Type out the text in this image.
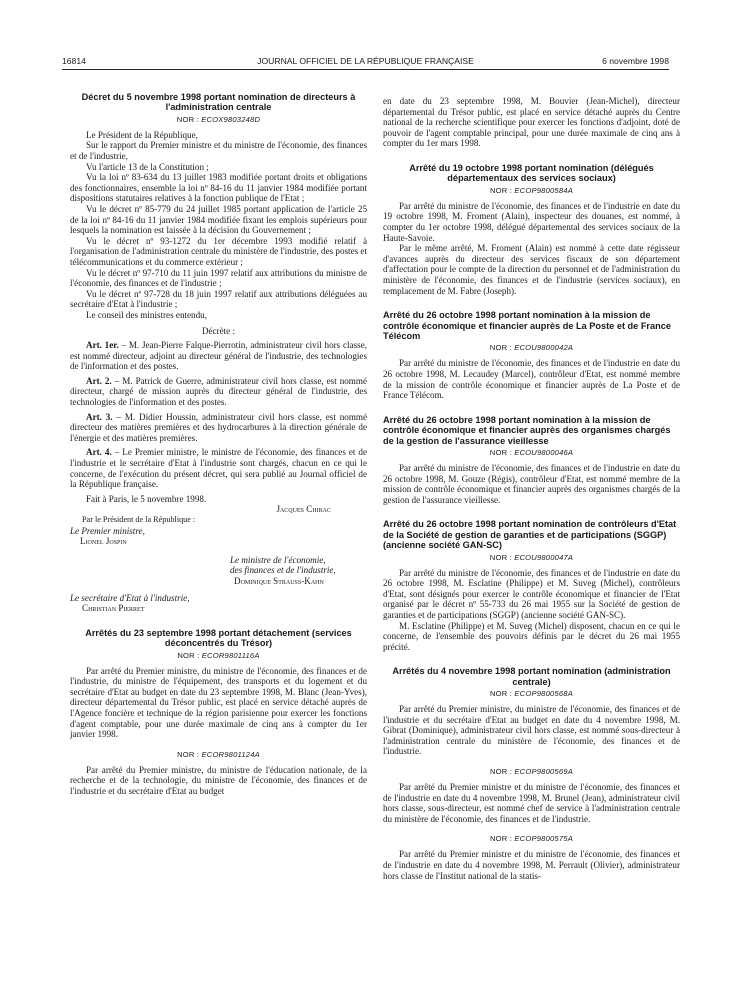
16814	JOURNAL OFFICIEL DE LA RÉPUBLIQUE FRANÇAISE	6 novembre 1998

Décret du 5 novembre 1998 portant nomination de directeurs à l'administration centrale

NOR : ECOX9803248D

Le Président de la République,

Sur le rapport du Premier ministre et du ministre de l'économie, des finances et de l'industrie,

Vu l'article 13 de la Constitution ;

Vu la loi nº 83-634 du 13 juillet 1983 modifiée portant droits et obligations des fonctionnaires, ensemble la loi nº 84-16 du 11 janvier 1984 modifiée portant dispositions statutaires relatives à la fonction publique de l'Etat ;

Vu le décret nº 85-779 du 24 juillet 1985 portant application de l'article 25 de la loi nº 84-16 du 11 janvier 1984 modifiée fixant les emplois supérieurs pour lesquels la nomination est laissée à la décision du Gouvernement ;

Vu le décret nº 93-1272 du 1er décembre 1993 modifié relatif à l'organisation de l'administration centrale du ministère de l'industrie, des postes et télécommunications et du commerce extérieur ;

Vu le décret nº 97-710 du 11 juin 1997 relatif aux attributions du ministre de l'économie, des finances et de l'industrie ;

Vu le décret nº 97-728 du 18 juin 1997 relatif aux attributions déléguées au secrétaire d'Etat à l'industrie ;

Le conseil des ministres entendu,

Décrète :

Art. 1er. – M. Jean-Pierre Falque-Pierrotin, administrateur civil hors classe, est nommé directeur, adjoint au directeur général de l'industrie, des technologies de l'information et des postes.

Art. 2. – M. Patrick de Guerre, administrateur civil hors classe, est nommé directeur, chargé de mission auprès du directeur général de l'industrie, des technologies de l'information et des postes.

Art. 3. – M. Didier Houssin, administrateur civil hors classe, est nommé directeur des matières premières et des hydrocarbures à la direction générale de l'énergie et des matières premières.

Art. 4. – Le Premier ministre, le ministre de l'économie, des finances et de l'industrie et le secrétaire d'Etat à l'industrie sont chargés, chacun en ce qui le concerne, de l'exécution du présent décret, qui sera publié au Journal officiel de la République française.

Fait à Paris, le 5 novembre 1998.

Jacques Chirac

Par le Président de la République :

Le Premier ministre,

Lionel Jospin

Le ministre de l'économie,

des finances et de l'industrie,

Dominique Strauss-Kahn

Le secrétaire d'Etat à l'industrie,

Christian Pierret

Arrêtés du 23 septembre 1998 portant détachement (services déconcentrés du Trésor)

NOR : ECOR9801116A

Par arrêté du Premier ministre, du ministre de l'économie, des finances et de l'industrie, du ministre de l'équipement, des transports et du logement et du secrétaire d'Etat au budget en date du 23 septembre 1998, M. Blanc (Jean-Yves), directeur départemental du Trésor public, est placé en service détaché auprès de l'Agence foncière et technique de la région parisienne pour exercer les fonctions d'agent comptable, pour une durée maximale de cinq ans à compter du 1er janvier 1998.

NOR : ECOR9801124A

Par arrêté du Premier ministre, du ministre de l'éducation nationale, de la recherche et de la technologie, du ministre de l'économie, des finances et de l'industrie et du secrétaire d'Etat au budget

en date du 23 septembre 1998, M. Bouvier (Jean-Michel), directeur départemental du Trésor public, est placé en service détaché auprès du Centre national de la recherche scientifique pour exercer les fonctions d'adjoint, doté de pouvoir de l'agent comptable principal, pour une durée maximale de cinq ans à compter du 1er mars 1998.

Arrêté du 19 octobre 1998 portant nomination (délégués départementaux des services sociaux)

NOR : ECOP9800584A

Par arrêté du ministre de l'économie, des finances et de l'industrie en date du 19 octobre 1998, M. Froment (Alain), inspecteur des douanes, est nommé, à compter du 1er octobre 1998, délégué départemental des services sociaux de la Haute-Savoie.

Par le même arrêté, M. Froment (Alain) est nommé à cette date régisseur d'avances auprès du directeur des services fiscaux de son département d'affectation pour le compte de la direction du personnel et de l'administration du ministère de l'économie, des finances et de l'industrie (services sociaux), en remplacement de M. Fabre (Joseph).

Arrêté du 26 octobre 1998 portant nomination à la mission de contrôle économique et financier auprès de La Poste et de France Télécom

NOR : ECOU9800042A

Par arrêté du ministre de l'économie, des finances et de l'industrie en date du 26 octobre 1998, M. Lecaudey (Marcel), contrôleur d'Etat, est nommé membre de la mission de contrôle économique et financier auprès de La Poste et de France Télécom.

Arrêté du 26 octobre 1998 portant nomination à la mission de contrôle économique et financier auprès des organismes chargés de la gestion de l'assurance vieillesse

NOR : ECOU9800046A

Par arrêté du ministre de l'économie, des finances et de l'industrie en date du 26 octobre 1998, M. Gouze (Régis), contrôleur d'Etat, est nommé membre de la mission de contrôle économique et financier auprès des organismes chargés de la gestion de l'assurance vieillesse.

Arrêté du 26 octobre 1998 portant nomination de contrôleurs d'Etat de la Société de gestion de garanties et de participations (SGGP) (ancienne société GAN-SC)

NOR : ECOU9800047A

Par arrêté du ministre de l'économie, des finances et de l'industrie en date du 26 octobre 1998, M. Esclatine (Philippe) et M. Suveg (Michel), contrôleurs d'Etat, sont désignés pour exercer le contrôle économique et financier de l'Etat organisé par le décret nº 55-733 du 26 mai 1955 sur la Société de gestion de garanties et de participations (SGGP) (ancienne société GAN-SC).

M. Esclatine (Philippe) et M. Suveg (Michel) disposent, chacun en ce qui le concerne, de l'ensemble des pouvoirs définis par le décret du 26 mai 1955 précité.

Arrêtés du 4 novembre 1998 portant nomination (administration centrale)

NOR : ECOP9800568A

Par arrêté du Premier ministre, du ministre de l'économie, des finances et de l'industrie et du secrétaire d'Etat au budget en date du 4 novembre 1998, M. Gibrat (Dominique), administrateur civil hors classe, est nommé sous-directeur à l'administration centrale du ministère de l'économie, des finances et de l'industrie.

NOR : ECOP9800569A

Par arrêté du Premier ministre et du ministre de l'économie, des finances et de l'industrie en date du 4 novembre 1998, M. Brunel (Jean), administrateur civil hors classe, sous-directeur, est nommé chef de service à l'administration centrale du ministère de l'économie, des finances et de l'industrie.

NOR : ECOP9800575A

Par arrêté du Premier ministre et du ministre de l'économie, des finances et de l'industrie en date du 4 novembre 1998, M. Perrault (Olivier), administrateur hors classe de l'Institut national de la statis-
